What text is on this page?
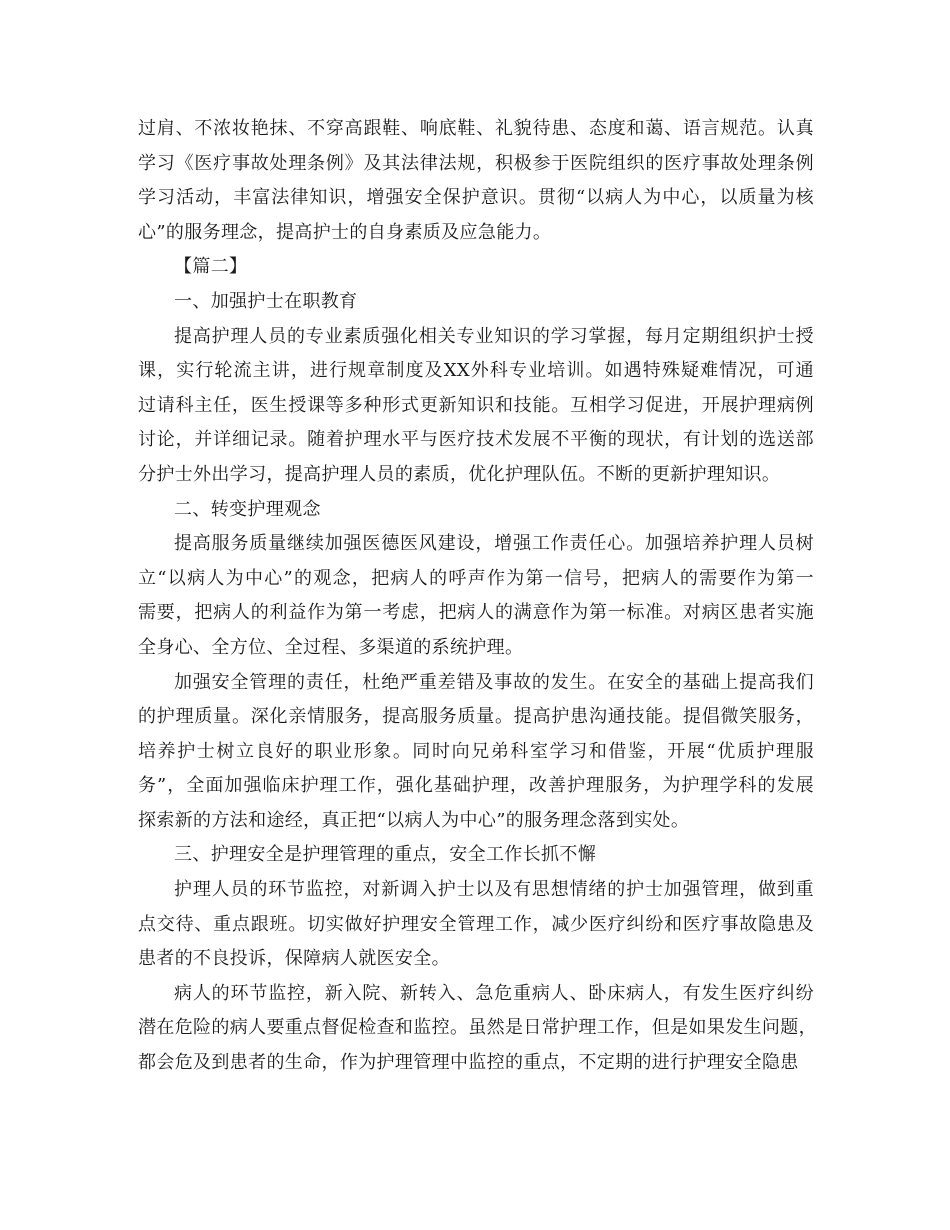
过肩、不浓妆艳抹、不穿高跟鞋、响底鞋、礼貌待患、态度和蔼、语言规范。认真
学习《医疗事故处理条例》及其法律法规，积极参于医院组织的医疗事故处理条例
学习活动，丰富法律知识，增强安全保护意识。贯彻“以病人为中心，以质量为核
心”的服务理念，提高护士的自身素质及应急能力。
【篇二】
一、加强护士在职教育
提高护理人员的专业素质强化相关专业知识的学习掌握，每月定期组织护士授
课，实行轮流主讲，进行规章制度及XX外科专业培训。如遇特殊疑难情况，可通
过请科主任，医生授课等多种形式更新知识和技能。互相学习促进，开展护理病例
讨论，并详细记录。随着护理水平与医疗技术发展不平衡的现状，有计划的选送部
分护士外出学习，提高护理人员的素质，优化护理队伍。不断的更新护理知识。
二、转变护理观念
提高服务质量继续加强医德医风建设，增强工作责任心。加强培养护理人员树
立“以病人为中心”的观念，把病人的呼声作为第一信号，把病人的需要作为第一
需要，把病人的利益作为第一考虑，把病人的满意作为第一标准。对病区患者实施
全身心、全方位、全过程、多渠道的系统护理。
加强安全管理的责任，杜绝严重差错及事故的发生。在安全的基础上提高我们
的护理质量。深化亲情服务，提高服务质量。提高护患沟通技能。提倡微笑服务，
培养护士树立良好的职业形象。同时向兄弟科室学习和借鉴，开展“优质护理服
务”，全面加强临床护理工作，强化基础护理，改善护理服务，为护理学科的发展
探索新的方法和途经，真正把“以病人为中心”的服务理念落到实处。
三、护理安全是护理管理的重点，安全工作长抓不懈
护理人员的环节监控，对新调入护士以及有思想情绪的护士加强管理，做到重
点交待、重点跟班。切实做好护理安全管理工作，减少医疗纠纷和医疗事故隐患及
患者的不良投诉，保障病人就医安全。
病人的环节监控，新入院、新转入、急危重病人、卧床病人，有发生医疗纠纷
潜在危险的病人要重点督促检查和监控。虽然是日常护理工作，但是如果发生问题，
都会危及到患者的生命，作为护理管理中监控的重点，不定期的进行护理安全隐患
